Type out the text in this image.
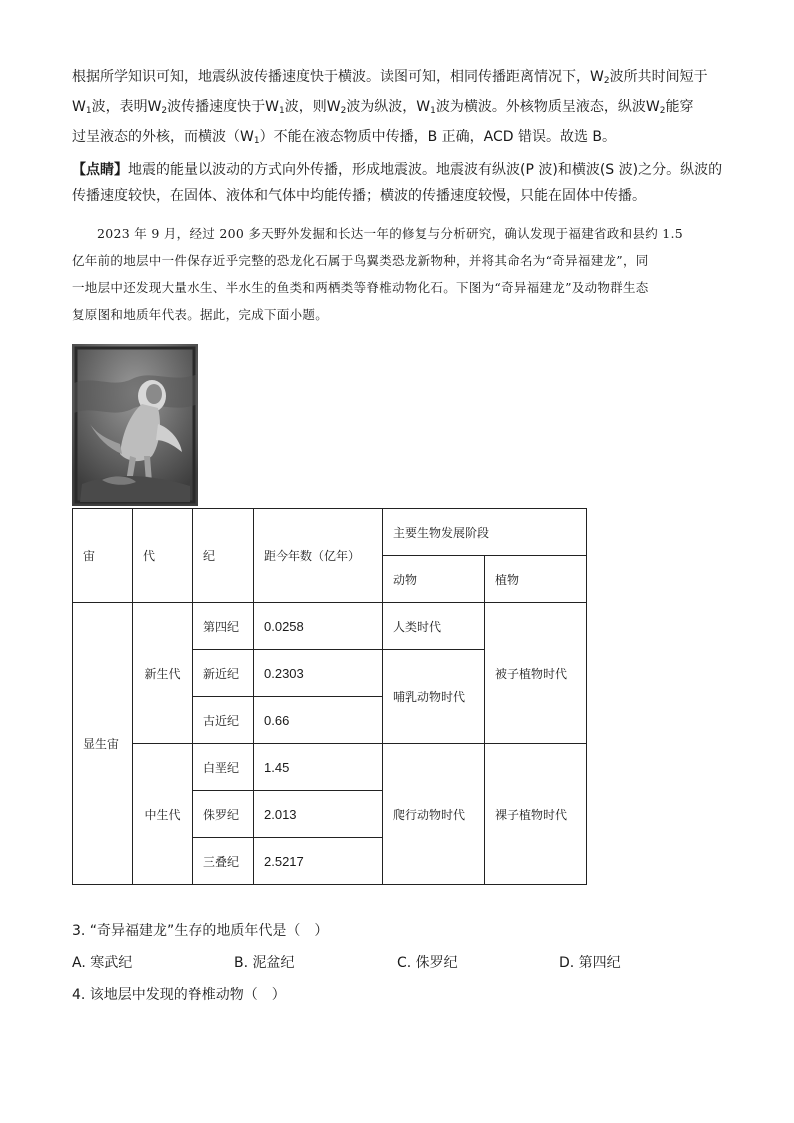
根据所学知识可知，地震纵波传播速度快于横波。读图可知，相同传播距离情况下，$W_2$波所共时间短于
$W_1$波，表明$W_2$波传播速度快于$W_1$波，则$W_2$波为纵波，$W_1$波为横波。外核物质呈液态，纵波$W_2$能穿
过呈液态的外核，而横波$(W_1)$不能在液态物质中传播，B 正确，ACD 错误。故选 B。
【点睛】地震的能量以波动的方式向外传播，形成地震波。地震波有纵波(P 波)和横波(S 波)之分。纵波的
传播速度较快，在固体、液体和气体中均能传播；横波的传播速度较慢，只能在固体中传播。
2023 年 9 月，经过 200 多天野外发掘和长达一年的修复与分析研究，确认发现于福建省政和县约 1.5
亿年前的地层中一件保存近乎完整的恐龙化石属于鸟翼类恐龙新物种，并将其命名为“奇异福建龙”，同
一地层中还发现大量水生、半水生的鱼类和两栖类等脊椎动物化石。下图为“奇异福建龙”及动物群生态
复原图和地质年代表。据此，完成下面小题。
宙	代	纪	距今年数（亿年）	主要生物发展阶段	
				动物	植物
显生宙	新生代	第四纪	0.0258	人类时代	被子植物时代
		新近纪	0.2303	哺乳动物时代	
		古近纪	0.66		
	中生代	白垩纪	1.45	爬行动物时代	裸子植物时代
		侏罗纪	2.013		
		三叠纪	2.5217		

3. “奇异福建龙”生存的地质年代是（　）

A. 寒武纪	B. 泥盆纪	C. 侏罗纪	D. 第四纪

4. 该地层中发现的脊椎动物（　）
